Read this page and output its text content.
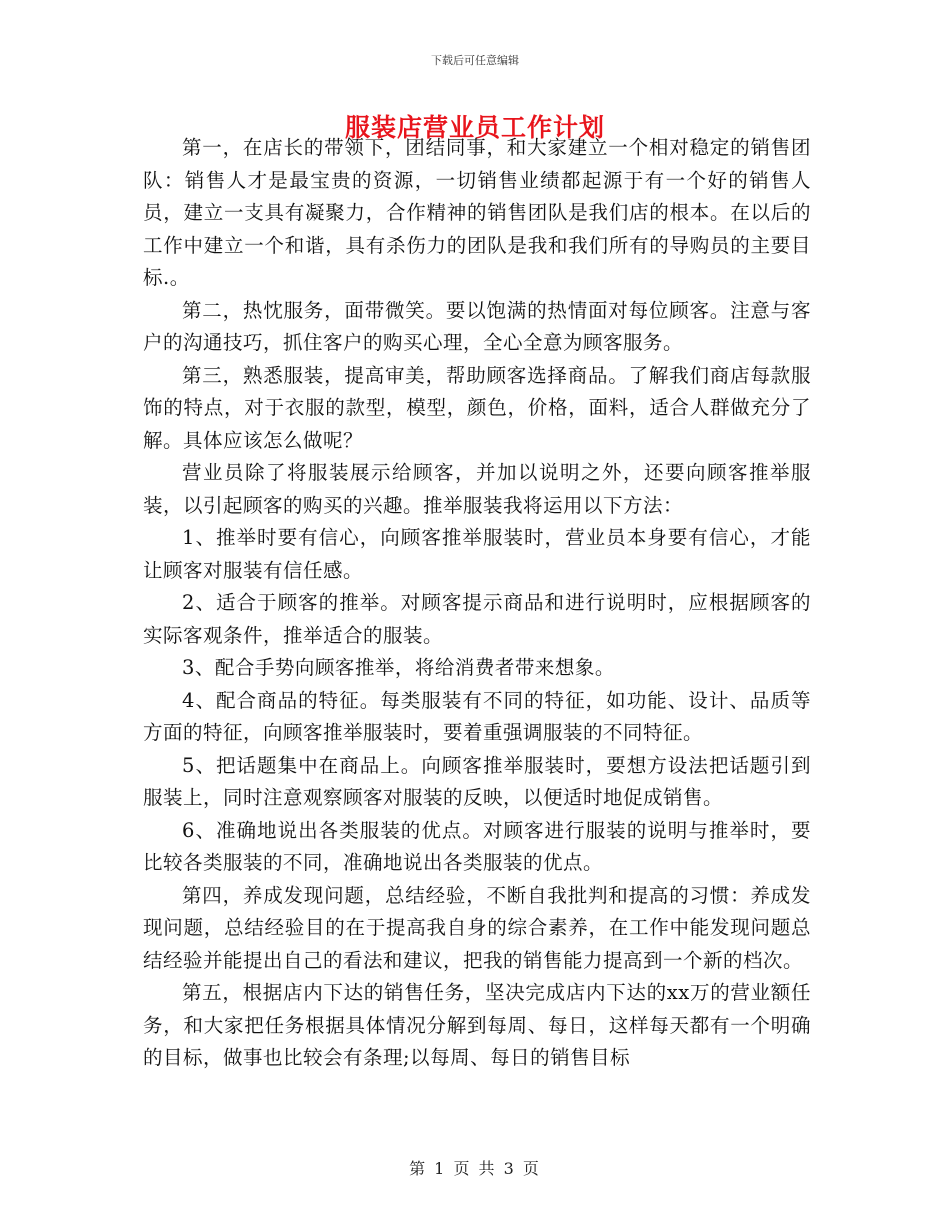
下载后可任意编辑
服装店营业员工作计划

第一，在店长的带领下，团结同事，和大家建立一个相对稳定的销售团队：销售人才是最宝贵的资源，一切销售业绩都起源于有一个好的销售人员，建立一支具有凝聚力，合作精神的销售团队是我们店的根本。在以后的工作中建立一个和谐，具有杀伤力的团队是我和我们所有的导购员的主要目标.。

第二，热忱服务，面带微笑。要以饱满的热情面对每位顾客。注意与客户的沟通技巧，抓住客户的购买心理，全心全意为顾客服务。

第三，熟悉服装，提高审美，帮助顾客选择商品。了解我们商店每款服饰的特点，对于衣服的款型，模型，颜色，价格，面料，适合人群做充分了解。具体应该怎么做呢？

营业员除了将服装展示给顾客，并加以说明之外，还要向顾客推举服装，以引起顾客的购买的兴趣。推举服装我将运用以下方法：

1、推举时要有信心，向顾客推举服装时，营业员本身要有信心，才能让顾客对服装有信任感。

2、适合于顾客的推举。对顾客提示商品和进行说明时，应根据顾客的实际客观条件，推举适合的服装。

3、配合手势向顾客推举，将给消费者带来想象。

4、配合商品的特征。每类服装有不同的特征，如功能、设计、品质等方面的特征，向顾客推举服装时，要着重强调服装的不同特征。

5、把话题集中在商品上。向顾客推举服装时，要想方设法把话题引到服装上，同时注意观察顾客对服装的反映，以便适时地促成销售。

6、准确地说出各类服装的优点。对顾客进行服装的说明与推举时，要比较各类服装的不同，准确地说出各类服装的优点。

第四，养成发现问题，总结经验，不断自我批判和提高的习惯：养成发现问题，总结经验目的在于提高我自身的综合素养，在工作中能发现问题总结经验并能提出自己的看法和建议，把我的销售能力提高到一个新的档次。

第五，根据店内下达的销售任务，坚决完成店内下达的xx万的营业额任务，和大家把任务根据具体情况分解到每周、每日，这样每天都有一个明确的目标，做事也比较会有条理;以每周、每日的销售目标

第 1 页 共 3 页
